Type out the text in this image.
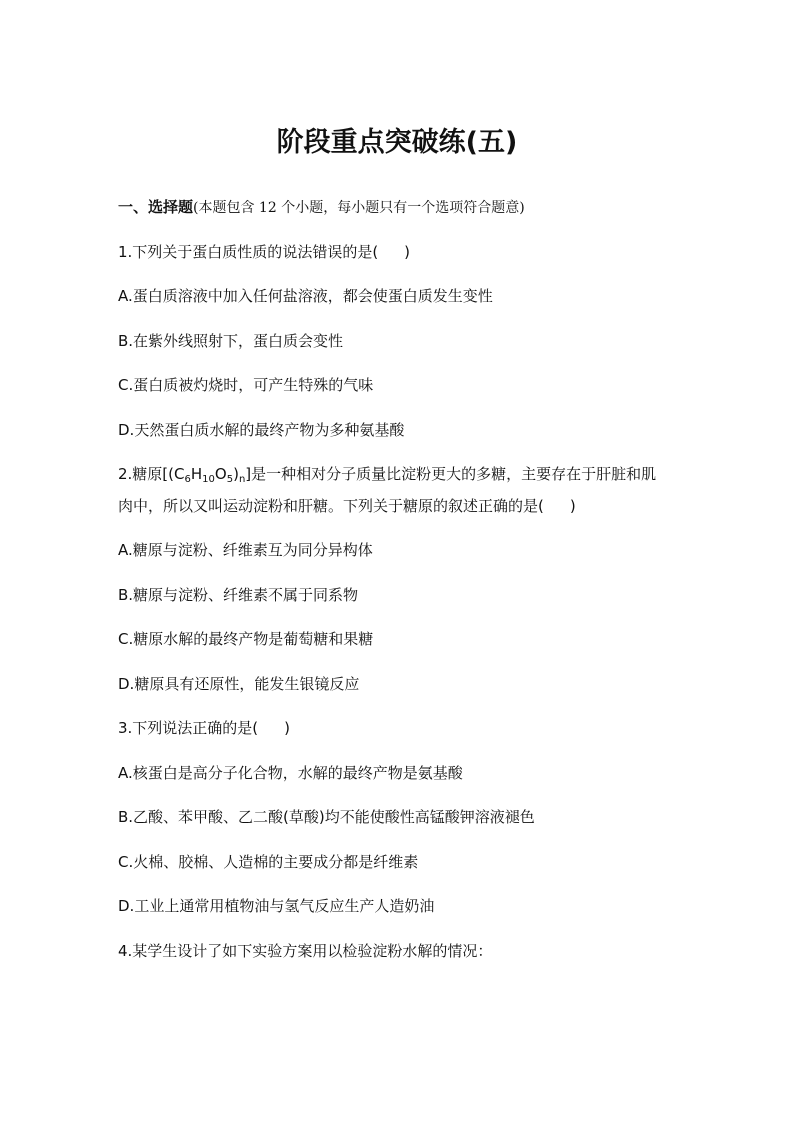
阶段重点突破练(五)
一、选择题(本题包含 12 个小题，每小题只有一个选项符合题意)
1.下列关于蛋白质性质的说法错误的是( )
A.蛋白质溶液中加入任何盐溶液，都会使蛋白质发生变性
B.在紫外线照射下，蛋白质会变性
C.蛋白质被灼烧时，可产生特殊的气味
D.天然蛋白质水解的最终产物为多种氨基酸
2.糖原$[(C_6H_{10}O_5)_n]$是一种相对分子质量比淀粉更大的多糖，主要存在于肝脏和肌
肉中，所以又叫运动淀粉和肝糖。下列关于糖原的叙述正确的是( )
A.糖原与淀粉、纤维素互为同分异构体
B.糖原与淀粉、纤维素不属于同系物
C.糖原水解的最终产物是葡萄糖和果糖
D.糖原具有还原性，能发生银镜反应
3.下列说法正确的是( )
A.核蛋白是高分子化合物，水解的最终产物是氨基酸
B.乙酸、苯甲酸、乙二酸(草酸)均不能使酸性高锰酸钾溶液褪色
C.火棉、胶棉、人造棉的主要成分都是纤维素
D.工业上通常用植物油与氢气反应生产人造奶油
4.某学生设计了如下实验方案用以检验淀粉水解的情况：
